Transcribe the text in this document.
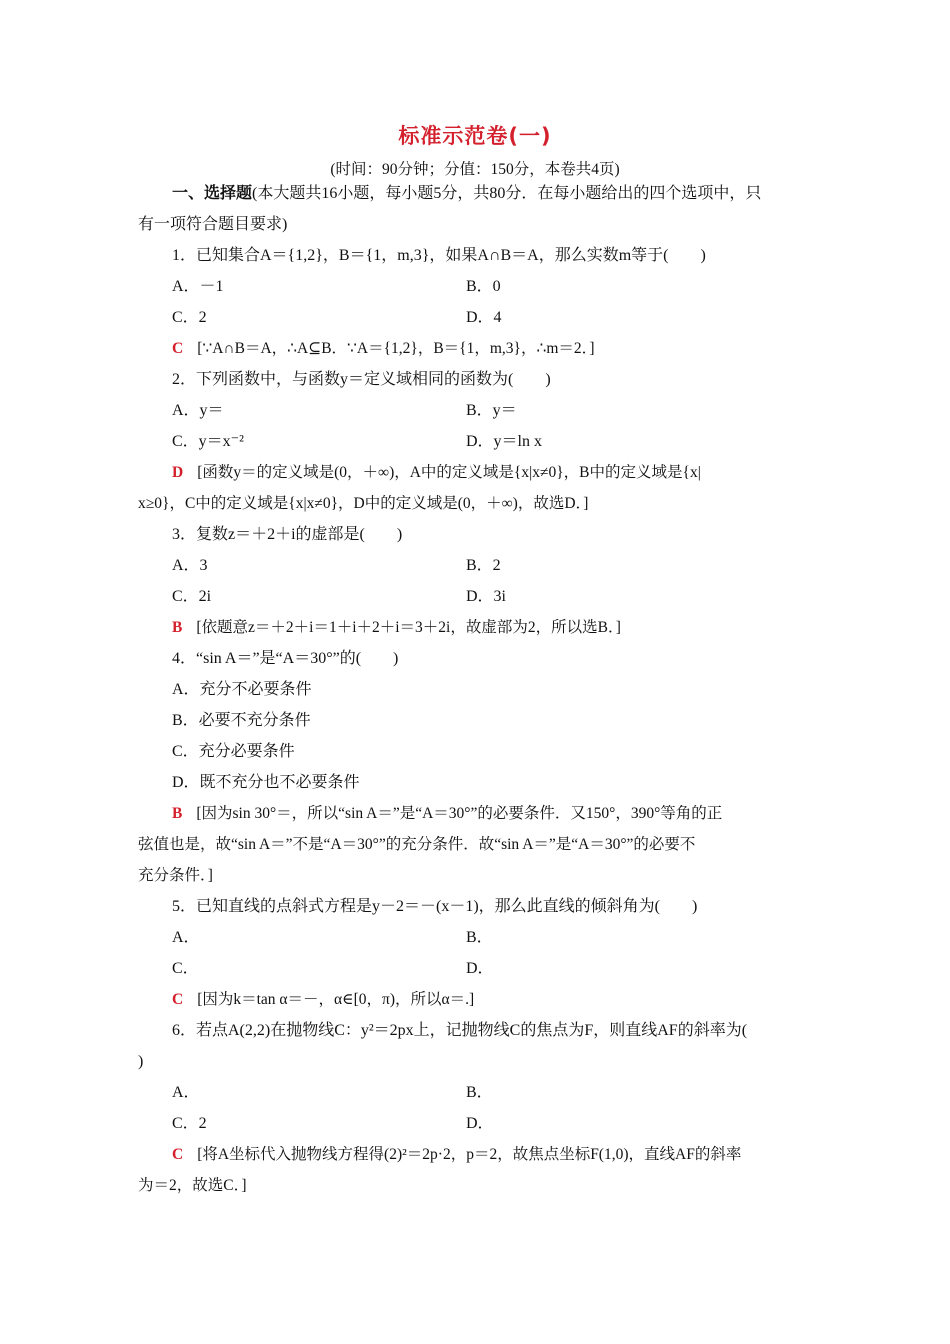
标准示范卷(一)
(时间：90分钟；分值：150分，本卷共4页)
一、选择题(本大题共16小题，每小题5分，共80分．在每小题给出的四个选项中，只
有一项符合题目要求)
1．已知集合A＝{1,2}，B＝{1，m,3}，如果A∩B＝A，那么实数m等于(　　)
A．－1	B．0
C．2	D．4
C [∵A∩B＝A，∴A⊆B．∵A＝{1,2}，B＝{1，m,3}，∴m＝2．]
2．下列函数中，与函数y＝定义域相同的函数为(　　)
A．y＝	B．y＝
C．y＝x⁻²	D．y＝ln x
D [函数y＝的定义域是(0，＋∞)，A中的定义域是{x|x≠0}，B中的定义域是{x|
x≥0}，C中的定义域是{x|x≠0}，D中的定义域是(0，＋∞)，故选D．]
3．复数z＝＋2＋i的虚部是(　　)
A．3	B．2
C．2i	D．3i
B [依题意z＝＋2＋i＝1＋i＋2＋i＝3＋2i，故虚部为2，所以选B．]
4．“sin A＝”是“A＝30°”的(　　)
A．充分不必要条件
B．必要不充分条件
C．充分必要条件
D．既不充分也不必要条件
B [因为sin 30°＝，所以“sin A＝”是“A＝30°”的必要条件．又150°，390°等角的正
弦值也是，故“sin A＝”不是“A＝30°”的充分条件．故“sin A＝”是“A＝30°”的必要不
充分条件．]
5．已知直线的点斜式方程是y－2＝－(x－1)，那么此直线的倾斜角为(　　)
A．	B．
C．	D．
C [因为k＝tan α＝－，α∈[0，π)，所以α＝.]
6．若点A(2,2)在抛物线C：y²＝2px上，记抛物线C的焦点为F，则直线AF的斜率为(
)
A．	B．
C．2	D．
C [将A坐标代入抛物线方程得(2)²＝2p·2，p＝2，故焦点坐标F(1,0)，直线AF的斜率
为＝2，故选C．]
